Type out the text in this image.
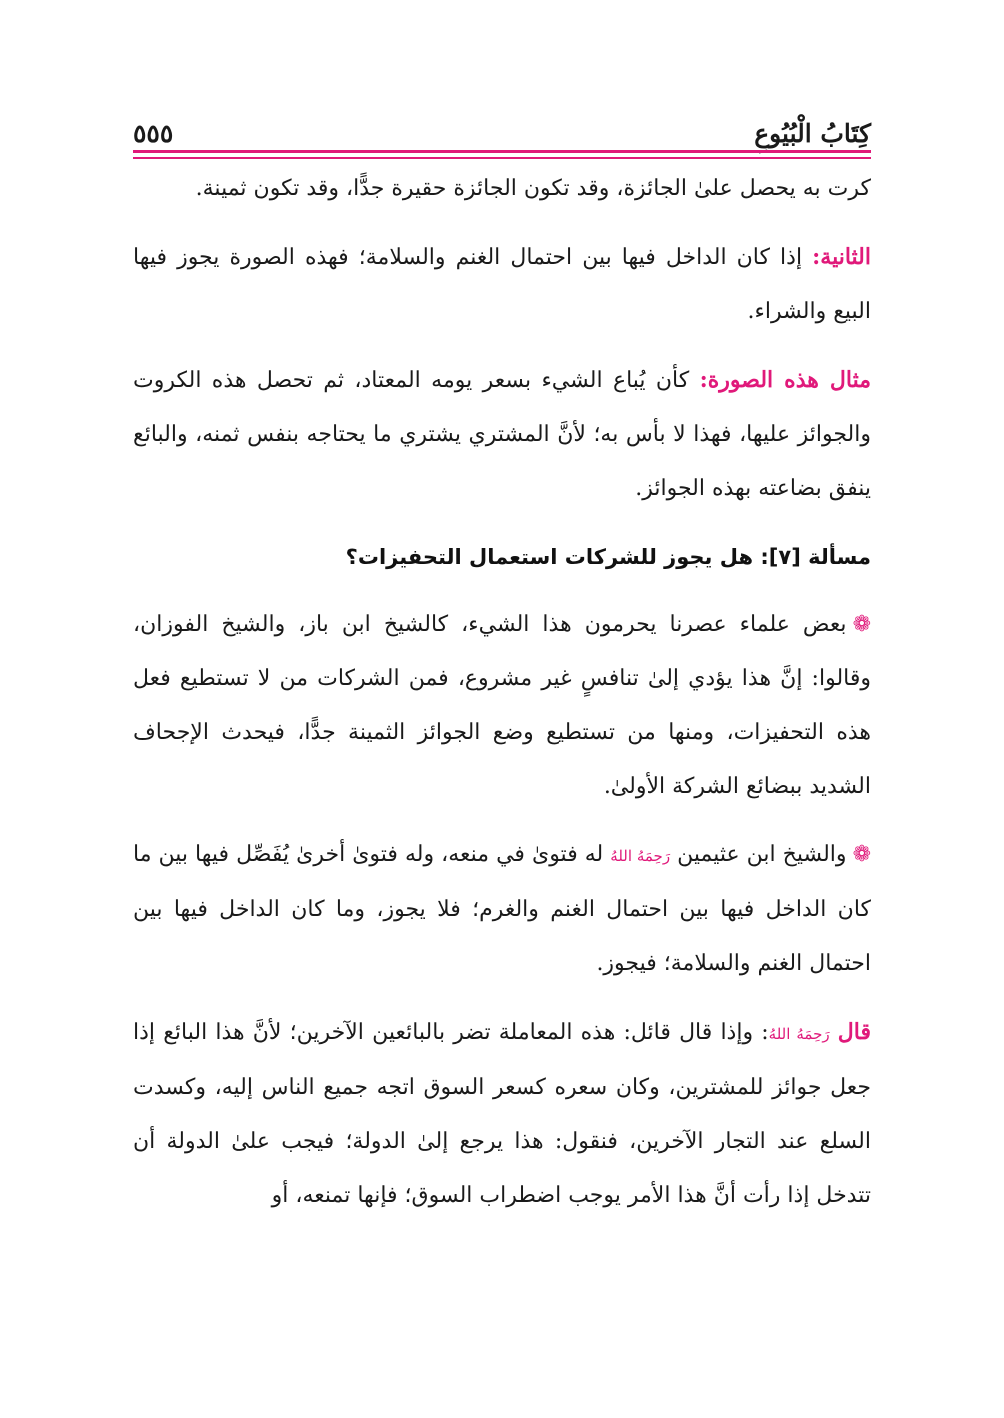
٥٥٥	كِتَابُ الْبُيُوعِ

كرت به يحصل علىٰ الجائزة، وقد تكون الجائزة حقيرة جدًّا، وقد تكون ثمينة.

الثانية: إذا كان الداخل فيها بين احتمال الغنم والسلامة؛ فهذه الصورة يجوز فيها البيع والشراء.

مثال هذه الصورة: كأن يُباع الشيء بسعر يومه المعتاد، ثم تحصل هذه الكروت والجوائز عليها، فهذا لا بأس به؛ لأنَّ المشتري يشتري ما يحتاجه بنفس ثمنه، والبائع ينفق بضاعته بهذه الجوائز.

مسألة [٧]: هل يجوز للشركات استعمال التحفيزات؟

❁بعض علماء عصرنا يحرمون هذا الشيء، كالشيخ ابن باز، والشيخ الفوزان، وقالوا: إنَّ هذا يؤدي إلىٰ تنافسٍ غير مشروع، فمن الشركات من لا تستطيع فعل هذه التحفيزات، ومنها من تستطيع وضع الجوائز الثمينة جدًّا، فيحدث الإجحاف الشديد ببضائع الشركة الأولىٰ.

❁والشيخ ابن عثيمين رَحِمَهُ اللهُ له فتوىٰ في منعه، وله فتوىٰ أخرىٰ يُفَصِّل فيها بين ما كان الداخل فيها بين احتمال الغنم والغرم؛ فلا يجوز، وما كان الداخل فيها بين احتمال الغنم والسلامة؛ فيجوز.

قال رَحِمَهُ اللهُ: وإذا قال قائل: هذه المعاملة تضر بالبائعين الآخرين؛ لأنَّ هذا البائع إذا جعل جوائز للمشترين، وكان سعره كسعر السوق اتجه جميع الناس إليه، وكسدت السلع عند التجار الآخرين، فنقول: هذا يرجع إلىٰ الدولة؛ فيجب علىٰ الدولة أن تتدخل إذا رأت أنَّ هذا الأمر يوجب اضطراب السوق؛ فإنها تمنعه، أو
